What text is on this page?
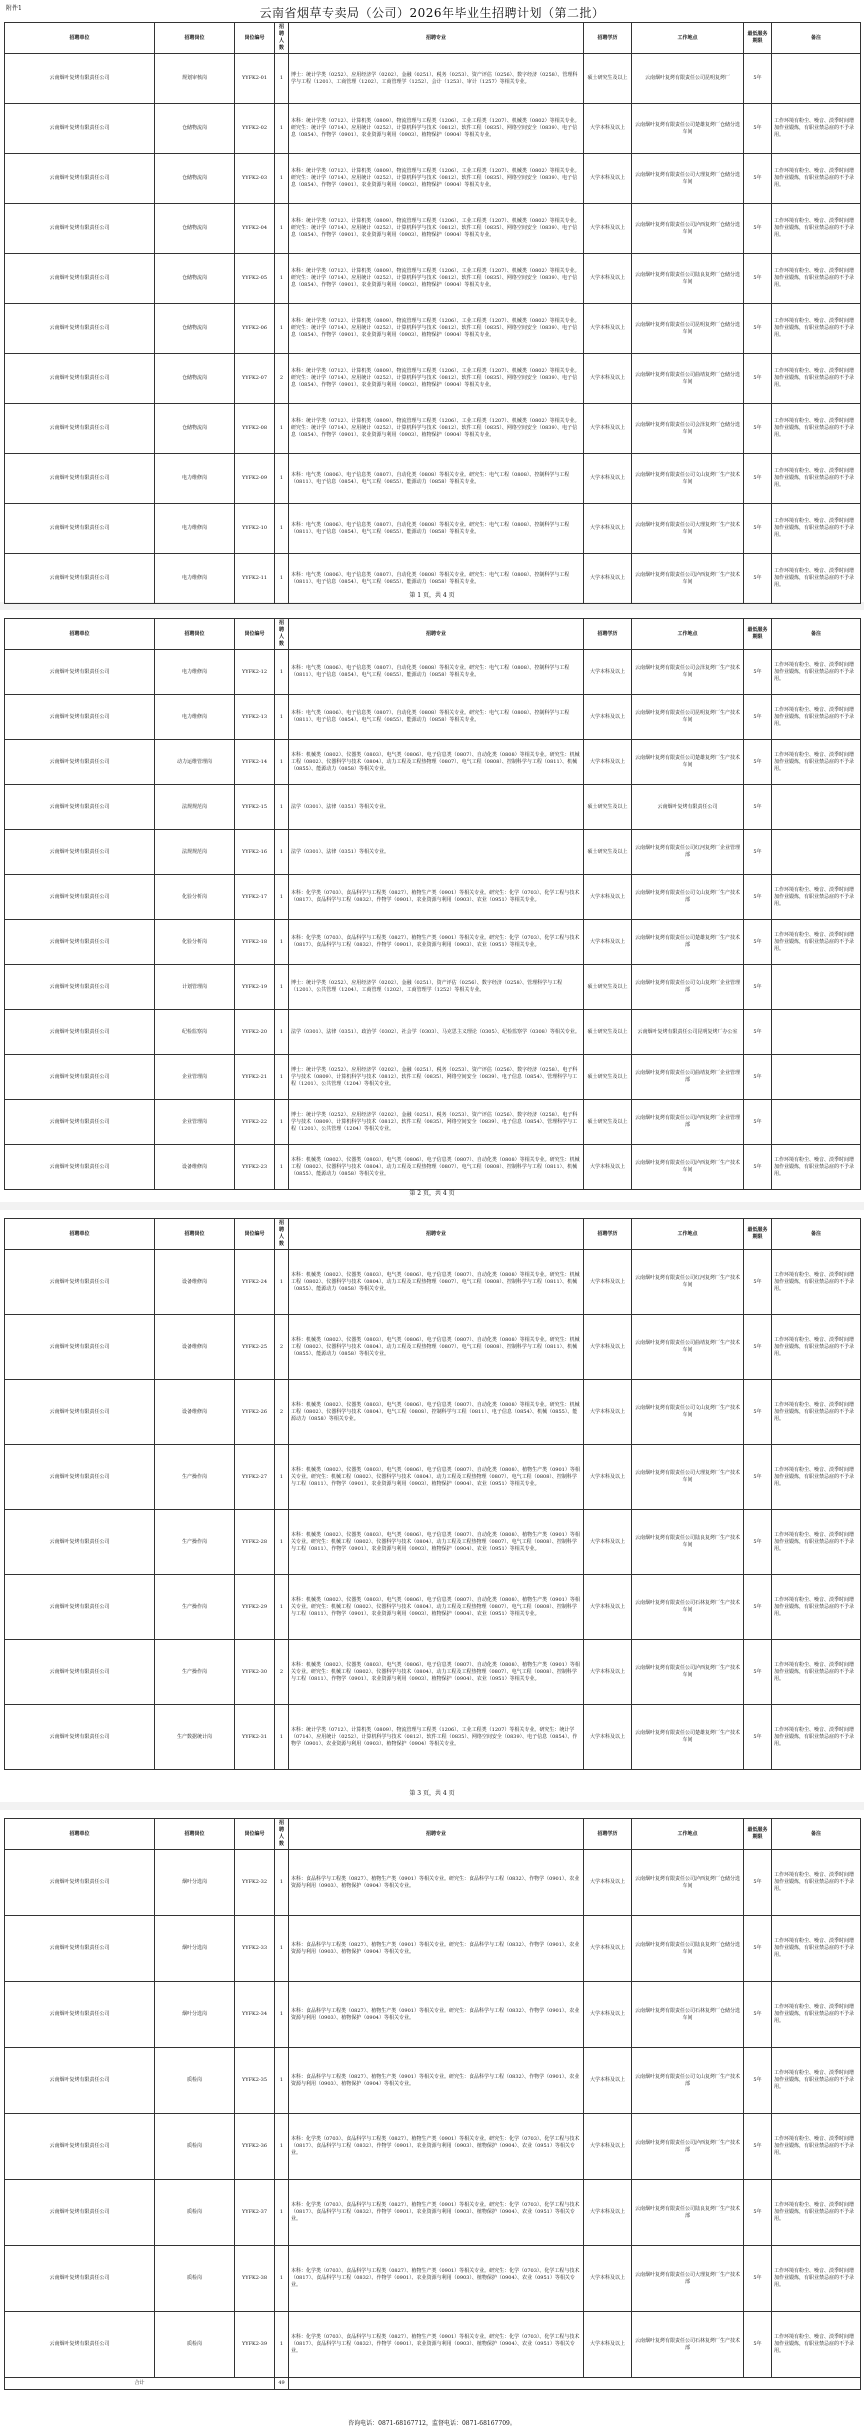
附件1	云南省烟草专卖局（公司）2026年毕业生招聘计划（第二批）
招聘单位	招聘岗位	岗位编号	招聘人数	招聘专业	招聘学历	工作地点	最低服务期限	备注
云南烟叶复烤有限责任公司	规划审核岗	YYFK2-01	1	博士：统计学类（0252）、应用经济学（0202）、金融（0251）、税务（0253）、资产评估（0256）、数字经济（0258）、管理科学与工程（1201）、工商管理（1202）、工商管理学（1252）、会计（1253）、审计（1257）等相关专业。	硕士研究生及以上	云南烟叶复烤有限责任公司昆明复烤厂	5年	
云南烟叶复烤有限责任公司	仓储物流岗	YYFK2-02	1	本科：统计学类（0712）、计算机类（0809）、物流管理与工程类（1206）、工业工程类（1207）、机械类（0802）等相关专业。研究生：统计学（0714）、应用统计（0252）、计算机科学与技术（0812）、软件工程（0835）、网络空间安全（0839）、电子信息（0854）、作物学（0901）、农业资源与利用（0903）、植物保护（0904）等相关专业。	大学本科及以上	云南烟叶复烤有限责任公司楚雄复烤厂仓储分选车间	5年	工作环境有粉尘、噪音、淡季时间增加作业锻炼，有职业禁忌症的不予录用。
云南烟叶复烤有限责任公司	仓储物流岗	YYFK2-03	1	本科：统计学类（0712）、计算机类（0809）、物流管理与工程类（1206）、工业工程类（1207）、机械类（0802）等相关专业。研究生：统计学（0714）、应用统计（0252）、计算机科学与技术（0812）、软件工程（0835）、网络空间安全（0839）、电子信息（0854）、作物学（0901）、农业资源与利用（0903）、植物保护（0904）等相关专业。	大学本科及以上	云南烟叶复烤有限责任公司大理复烤厂仓储分选车间	5年	工作环境有粉尘、噪音、淡季时间增加作业锻炼，有职业禁忌症的不予录用。
云南烟叶复烤有限责任公司	仓储物流岗	YYFK2-04	1	本科：统计学类（0712）、计算机类（0809）、物流管理与工程类（1206）、工业工程类（1207）、机械类（0802）等相关专业。研究生：统计学（0714）、应用统计（0252）、计算机科学与技术（0812）、软件工程（0835）、网络空间安全（0839）、电子信息（0854）、作物学（0901）、农业资源与利用（0903）、植物保护（0904）等相关专业。	大学本科及以上	云南烟叶复烤有限责任公司泸西复烤厂仓储分选车间	5年	工作环境有粉尘、噪音、淡季时间增加作业锻炼，有职业禁忌症的不予录用。
云南烟叶复烤有限责任公司	仓储物流岗	YYFK2-05	1	本科：统计学类（0712）、计算机类（0809）、物流管理与工程类（1206）、工业工程类（1207）、机械类（0802）等相关专业。研究生：统计学（0714）、应用统计（0252）、计算机科学与技术（0812）、软件工程（0835）、网络空间安全（0839）、电子信息（0854）、作物学（0901）、农业资源与利用（0903）、植物保护（0904）等相关专业。	大学本科及以上	云南烟叶复烤有限责任公司陆良复烤厂仓储分选车间	5年	工作环境有粉尘、噪音、淡季时间增加作业锻炼，有职业禁忌症的不予录用。
云南烟叶复烤有限责任公司	仓储物流岗	YYFK2-06	1	本科：统计学类（0712）、计算机类（0809）、物流管理与工程类（1206）、工业工程类（1207）、机械类（0802）等相关专业。研究生：统计学（0714）、应用统计（0252）、计算机科学与技术（0812）、软件工程（0835）、网络空间安全（0839）、电子信息（0854）、作物学（0901）、农业资源与利用（0903）、植物保护（0904）等相关专业。	大学本科及以上	云南烟叶复烤有限责任公司昆明复烤厂仓储分选车间	5年	工作环境有粉尘、噪音、淡季时间增加作业锻炼，有职业禁忌症的不予录用。
云南烟叶复烤有限责任公司	仓储物流岗	YYFK2-07	2	本科：统计学类（0712）、计算机类（0809）、物流管理与工程类（1206）、工业工程类（1207）、机械类（0802）等相关专业。研究生：统计学（0714）、应用统计（0252）、计算机科学与技术（0812）、软件工程（0835）、网络空间安全（0839）、电子信息（0854）、作物学（0901）、农业资源与利用（0903）、植物保护（0904）等相关专业。	大学本科及以上	云南烟叶复烤有限责任公司曲靖复烤厂仓储分选车间	5年	工作环境有粉尘、噪音、淡季时间增加作业锻炼，有职业禁忌症的不予录用。
云南烟叶复烤有限责任公司	仓储物流岗	YYFK2-08	1	本科：统计学类（0712）、计算机类（0809）、物流管理与工程类（1206）、工业工程类（1207）、机械类（0802）等相关专业。研究生：统计学（0714）、应用统计（0252）、计算机科学与技术（0812）、软件工程（0835）、网络空间安全（0839）、电子信息（0854）、作物学（0901）、农业资源与利用（0903）、植物保护（0904）等相关专业。	大学本科及以上	云南烟叶复烤有限责任公司会泽复烤厂仓储分选车间	5年	工作环境有粉尘、噪音、淡季时间增加作业锻炼，有职业禁忌症的不予录用。
云南烟叶复烤有限责任公司	电力维修岗	YYFK2-09	1	本科：电气类（0806）、电子信息类（0807）、自动化类（0808）等相关专业。研究生：电气工程（0808）、控制科学与工程（0811）、电子信息（0854）、电气工程（0855）、能源动力（0858）等相关专业。	大学本科及以上	云南烟叶复烤有限责任公司文山复烤厂生产技术车间	5年	工作环境有粉尘、噪音、淡季时间增加作业锻炼，有职业禁忌症的不予录用。
云南烟叶复烤有限责任公司	电力维修岗	YYFK2-10	1	本科：电气类（0806）、电子信息类（0807）、自动化类（0808）等相关专业。研究生：电气工程（0808）、控制科学与工程（0811）、电子信息（0854）、电气工程（0855）、能源动力（0858）等相关专业。	大学本科及以上	云南烟叶复烤有限责任公司大理复烤厂生产技术车间	5年	工作环境有粉尘、噪音、淡季时间增加作业锻炼，有职业禁忌症的不予录用。
云南烟叶复烤有限责任公司	电力维修岗	YYFK2-11	1	本科：电气类（0806）、电子信息类（0807）、自动化类（0808）等相关专业。研究生：电气工程（0808）、控制科学与工程（0811）、电子信息（0854）、电气工程（0855）、能源动力（0858）等相关专业。	大学本科及以上	云南烟叶复烤有限责任公司泸西复烤厂生产技术车间	5年	工作环境有粉尘、噪音、淡季时间增加作业锻炼，有职业禁忌症的不予录用。
第 1 页，共 4 页
招聘单位	招聘岗位	岗位编号	招聘人数	招聘专业	招聘学历	工作地点	最低服务期限	备注
云南烟叶复烤有限责任公司	电力维修岗	YYFK2-12	1	本科：电气类（0806）、电子信息类（0807）、自动化类（0808）等相关专业。研究生：电气工程（0808）、控制科学与工程（0811）、电子信息（0854）、电气工程（0855）、能源动力（0858）等相关专业。	大学本科及以上	云南烟叶复烤有限责任公司会泽复烤厂生产技术车间	5年	工作环境有粉尘、噪音、淡季时间增加作业锻炼，有职业禁忌症的不予录用。
云南烟叶复烤有限责任公司	电力维修岗	YYFK2-13	1	本科：电气类（0806）、电子信息类（0807）、自动化类（0808）等相关专业。研究生：电气工程（0808）、控制科学与工程（0811）、电子信息（0854）、电气工程（0855）、能源动力（0858）等相关专业。	大学本科及以上	云南烟叶复烤有限责任公司昆明复烤厂生产技术车间	5年	工作环境有粉尘、噪音、淡季时间增加作业锻炼，有职业禁忌症的不予录用。
云南烟叶复烤有限责任公司	动力运维管理岗	YYFK2-14	1	本科：机械类（0802）、仪器类（0803）、电气类（0806）、电子信息类（0807）、自动化类（0808）等相关专业。研究生：机械工程（0802）、仪器科学与技术（0804）、动力工程及工程热物理（0807）、电气工程（0808）、控制科学与工程（0811）、机械（0855）、能源动力（0858）等相关专业。	大学本科及以上	云南烟叶复烤有限责任公司楚雄复烤厂生产技术车间	5年	工作环境有粉尘、噪音、淡季时间增加作业锻炼，有职业禁忌症的不予录用。
云南烟叶复烤有限责任公司	法规规范岗	YYFK2-15	1	法学（0301）、法律（0351）等相关专业。	硕士研究生及以上	云南烟叶复烤有限责任公司	5年	
云南烟叶复烤有限责任公司	法规规范岗	YYFK2-16	1	法学（0301）、法律（0351）等相关专业。	硕士研究生及以上	云南烟叶复烤有限责任公司红河复烤厂企业管理部	5年	
云南烟叶复烤有限责任公司	化验分析岗	YYFK2-17	1	本科：化学类（0703）、食品科学与工程类（0827）、植物生产类（0901）等相关专业。研究生：化学（0703）、化学工程与技术（0817）、食品科学与工程（0832）、作物学（0901）、农业资源与利用（0903）、农业（0951）等相关专业。	大学本科及以上	云南烟叶复烤有限责任公司文山复烤厂生产技术部	5年	工作环境有粉尘、噪音、淡季时间增加作业锻炼，有职业禁忌症的不予录用。
云南烟叶复烤有限责任公司	化验分析岗	YYFK2-18	1	本科：化学类（0703）、食品科学与工程类（0827）、植物生产类（0901）等相关专业。研究生：化学（0703）、化学工程与技术（0817）、食品科学与工程（0832）、作物学（0901）、农业资源与利用（0903）、农业（0951）等相关专业。	大学本科及以上	云南烟叶复烤有限责任公司楚雄复烤厂生产技术部	5年	工作环境有粉尘、噪音、淡季时间增加作业锻炼，有职业禁忌症的不予录用。
云南烟叶复烤有限责任公司	计划管理岗	YYFK2-19	1	博士：统计学类（0252）、应用经济学（0202）、金融（0251）、资产评估（0256）、数字经济（0258）、管理科学与工程（1201）、公共管理（1204）、工商管理（1202）、工商管理学（1252）等相关专业。	硕士研究生及以上	云南烟叶复烤有限责任公司文山复烤厂企业管理部	5年	
云南烟叶复烤有限责任公司	纪检监察岗	YYFK2-20	1	法学（0301）、法律（0351）、政治学（0302）、社会学（0303）、马克思主义理论（0305）、纪检监察学（0308）等相关专业。	硕士研究生及以上	云南烟叶复烤有限责任公司昆明复烤厂办公室	5年	
云南烟叶复烤有限责任公司	企业管理岗	YYFK2-21	1	博士：统计学类（0252）、应用经济学（0202）、金融（0251）、税务（0253）、资产评估（0256）、数字经济（0258）、电子科学与技术（0809）、计算机科学与技术（0812）、软件工程（0835）、网络空间安全（0839）、电子信息（0854）、管理科学与工程（1201）、公共管理（1204）等相关专业。	硕士研究生及以上	云南烟叶复烤有限责任公司曲靖复烤厂企业管理部	5年	
云南烟叶复烤有限责任公司	企业管理岗	YYFK2-22	1	博士：统计学类（0252）、应用经济学（0202）、金融（0251）、税务（0253）、资产评估（0256）、数字经济（0258）、电子科学与技术（0809）、计算机科学与技术（0812）、软件工程（0835）、网络空间安全（0839）、电子信息（0854）、管理科学与工程（1201）、公共管理（1204）等相关专业。	硕士研究生及以上	云南烟叶复烤有限责任公司泸西复烤厂企业管理部	5年	
云南烟叶复烤有限责任公司	设备维修岗	YYFK2-23	1	本科：机械类（0802）、仪器类（0803）、电气类（0806）、电子信息类（0807）、自动化类（0808）等相关专业。研究生：机械工程（0802）、仪器科学与技术（0804）、动力工程及工程热物理（0807）、电气工程（0808）、控制科学与工程（0811）、机械（0855）、能源动力（0858）等相关专业。	大学本科及以上	云南烟叶复烤有限责任公司泸西复烤厂生产技术车间	5年	工作环境有粉尘、噪音、淡季时间增加作业锻炼，有职业禁忌症的不予录用。
第 2 页，共 4 页
招聘单位	招聘岗位	岗位编号	招聘人数	招聘专业	招聘学历	工作地点	最低服务期限	备注
云南烟叶复烤有限责任公司	设备维修岗	YYFK2-24	1	本科：机械类（0802）、仪器类（0803）、电气类（0806）、电子信息类（0807）、自动化类（0808）等相关专业。研究生：机械工程（0802）、仪器科学与技术（0804）、动力工程及工程热物理（0807）、电气工程（0808）、控制科学与工程（0811）、机械（0855）、能源动力（0858）等相关专业。	大学本科及以上	云南烟叶复烤有限责任公司红河复烤厂生产技术车间	5年	工作环境有粉尘、噪音、淡季时间增加作业锻炼，有职业禁忌症的不予录用。
云南烟叶复烤有限责任公司	设备维修岗	YYFK2-25	2	本科：机械类（0802）、仪器类（0803）、电气类（0806）、电子信息类（0807）、自动化类（0808）等相关专业。研究生：机械工程（0802）、仪器科学与技术（0804）、动力工程及工程热物理（0807）、电气工程（0808）、控制科学与工程（0811）、机械（0855）、能源动力（0858）等相关专业。	大学本科及以上	云南烟叶复烤有限责任公司曲靖复烤厂生产技术车间	5年	工作环境有粉尘、噪音、淡季时间增加作业锻炼，有职业禁忌症的不予录用。
云南烟叶复烤有限责任公司	设备维修岗	YYFK2-26	2	本科：机械类（0802）、仪器类（0803）、电气类（0806）、电子信息类（0807）、自动化类（0808）等相关专业。研究生：机械工程（0802）、仪器科学与技术（0804）、电气工程（0808）、控制科学与工程（0811）、电子信息（0854）、机械（0855）、能源动力（0858）等相关专业。	大学本科及以上	云南烟叶复烤有限责任公司文山复烤厂生产技术车间	5年	工作环境有粉尘、噪音、淡季时间增加作业锻炼，有职业禁忌症的不予录用。
云南烟叶复烤有限责任公司	生产操作岗	YYFK2-27	1	本科：机械类（0802）、仪器类（0803）、电气类（0806）、电子信息类（0807）、自动化类（0808）、植物生产类（0901）等相关专业。研究生：机械工程（0802）、仪器科学与技术（0804）、动力工程及工程热物理（0807）、电气工程（0808）、控制科学与工程（0811）、作物学（0901）、农业资源与利用（0903）、植物保护（0904）、农业（0951）等相关专业。	大学本科及以上	云南烟叶复烤有限责任公司大理复烤厂生产技术车间	5年	工作环境有粉尘、噪音、淡季时间增加作业锻炼，有职业禁忌症的不予录用。
云南烟叶复烤有限责任公司	生产操作岗	YYFK2-28	1	本科：机械类（0802）、仪器类（0803）、电气类（0806）、电子信息类（0807）、自动化类（0808）、植物生产类（0901）等相关专业。研究生：机械工程（0802）、仪器科学与技术（0804）、动力工程及工程热物理（0807）、电气工程（0808）、控制科学与工程（0811）、作物学（0901）、农业资源与利用（0903）、植物保护（0904）、农业（0951）等相关专业。	大学本科及以上	云南烟叶复烤有限责任公司陆良复烤厂生产技术车间	5年	工作环境有粉尘、噪音、淡季时间增加作业锻炼，有职业禁忌症的不予录用。
云南烟叶复烤有限责任公司	生产操作岗	YYFK2-29	1	本科：机械类（0802）、仪器类（0803）、电气类（0806）、电子信息类（0807）、自动化类（0808）、植物生产类（0901）等相关专业。研究生：机械工程（0802）、仪器科学与技术（0804）、动力工程及工程热物理（0807）、电气工程（0808）、控制科学与工程（0811）、作物学（0901）、农业资源与利用（0903）、植物保护（0904）、农业（0951）等相关专业。	大学本科及以上	云南烟叶复烤有限责任公司石林复烤厂生产技术车间	5年	工作环境有粉尘、噪音、淡季时间增加作业锻炼，有职业禁忌症的不予录用。
云南烟叶复烤有限责任公司	生产操作岗	YYFK2-30	2	本科：机械类（0802）、仪器类（0803）、电气类（0806）、电子信息类（0807）、自动化类（0808）、植物生产类（0901）等相关专业。研究生：机械工程（0802）、仪器科学与技术（0804）、动力工程及工程热物理（0807）、电气工程（0808）、控制科学与工程（0811）、作物学（0901）、农业资源与利用（0903）、植物保护（0904）、农业（0951）等相关专业。	大学本科及以上	云南烟叶复烤有限责任公司泸西复烤厂生产技术车间	5年	工作环境有粉尘、噪音、淡季时间增加作业锻炼，有职业禁忌症的不予录用。
云南烟叶复烤有限责任公司	生产数据统计岗	YYFK2-31	1	本科：统计学类（0712）、计算机类（0809）、物流管理与工程类（1206）、工业工程类（1207）等相关专业。研究生：统计学（0714）、应用统计（0252）、计算机科学与技术（0812）、软件工程（0835）、网络空间安全（0839）、电子信息（0854）、作物学（0901）、农业资源与利用（0903）、植物保护（0904）等相关专业。	大学本科及以上	云南烟叶复烤有限责任公司楚雄复烤厂生产技术车间	5年	工作环境有粉尘、噪音、淡季时间增加作业锻炼，有职业禁忌症的不予录用。
第 3 页，共 4 页
招聘单位	招聘岗位	岗位编号	招聘人数	招聘专业	招聘学历	工作地点	最低服务期限	备注
云南烟叶复烤有限责任公司	烟叶分选岗	YYFK2-32	1	本科：食品科学与工程类（0827）、植物生产类（0901）等相关专业。研究生：食品科学与工程（0832）、作物学（0901）、农业资源与利用（0903）、植物保护（0904）等相关专业。	大学本科及以上	云南烟叶复烤有限责任公司泸西复烤厂仓储分选车间	5年	工作环境有粉尘、噪音、淡季时间增加作业锻炼，有职业禁忌症的不予录用。
云南烟叶复烤有限责任公司	烟叶分选岗	YYFK2-33	1	本科：食品科学与工程类（0827）、植物生产类（0901）等相关专业。研究生：食品科学与工程（0832）、作物学（0901）、农业资源与利用（0903）、植物保护（0904）等相关专业。	大学本科及以上	云南烟叶复烤有限责任公司陆良复烤厂仓储分选车间	5年	工作环境有粉尘、噪音、淡季时间增加作业锻炼，有职业禁忌症的不予录用。
云南烟叶复烤有限责任公司	烟叶分选岗	YYFK2-34	1	本科：食品科学与工程类（0827）、植物生产类（0901）等相关专业。研究生：食品科学与工程（0832）、作物学（0901）、农业资源与利用（0903）、植物保护（0904）等相关专业。	大学本科及以上	云南烟叶复烤有限责任公司石林复烤厂仓储分选车间	5年	工作环境有粉尘、噪音、淡季时间增加作业锻炼，有职业禁忌症的不予录用。
云南烟叶复烤有限责任公司	质检岗	YYFK2-35	1	本科：食品科学与工程类（0827）、植物生产类（0901）等相关专业。研究生：食品科学与工程（0832）、作物学（0901）、农业资源与利用（0903）、植物保护（0904）等相关专业。	大学本科及以上	云南烟叶复烤有限责任公司文山复烤厂生产技术部	5年	工作环境有粉尘、噪音、淡季时间增加作业锻炼，有职业禁忌症的不予录用。
云南烟叶复烤有限责任公司	质检岗	YYFK2-36	1	本科：化学类（0703）、食品科学与工程类（0827）、植物生产类（0901）等相关专业。研究生：化学（0703）、化学工程与技术（0817）、食品科学与工程（0832）、作物学（0901）、农业资源与利用（0903）、植物保护（0904）、农业（0951）等相关专业。	大学本科及以上	云南烟叶复烤有限责任公司泸西复烤厂生产技术部	5年	工作环境有粉尘、噪音、淡季时间增加作业锻炼，有职业禁忌症的不予录用。
云南烟叶复烤有限责任公司	质检岗	YYFK2-37	1	本科：化学类（0703）、食品科学与工程类（0827）、植物生产类（0901）等相关专业。研究生：化学（0703）、化学工程与技术（0817）、食品科学与工程（0832）、作物学（0901）、农业资源与利用（0903）、植物保护（0904）、农业（0951）等相关专业。	大学本科及以上	云南烟叶复烤有限责任公司陆良复烤厂生产技术部	5年	工作环境有粉尘、噪音、淡季时间增加作业锻炼，有职业禁忌症的不予录用。
云南烟叶复烤有限责任公司	质检岗	YYFK2-38	1	本科：化学类（0703）、食品科学与工程类（0827）、植物生产类（0901）等相关专业。研究生：化学（0703）、化学工程与技术（0817）、食品科学与工程（0832）、作物学（0901）、农业资源与利用（0903）、植物保护（0904）、农业（0951）等相关专业。	大学本科及以上	云南烟叶复烤有限责任公司大理复烤厂生产技术部	5年	工作环境有粉尘、噪音、淡季时间增加作业锻炼，有职业禁忌症的不予录用。
云南烟叶复烤有限责任公司	质检岗	YYFK2-39	1	本科：化学类（0703）、食品科学与工程类（0827）、植物生产类（0901）等相关专业。研究生：化学（0703）、化学工程与技术（0817）、食品科学与工程（0832）、作物学（0901）、农业资源与利用（0903）、植物保护（0904）、农业（0951）等相关专业。	大学本科及以上	云南烟叶复烤有限责任公司石林复烤厂生产技术部	5年	工作环境有粉尘、噪音、淡季时间增加作业锻炼，有职业禁忌症的不予录用。
合计			49					
咨询电话：0871-68167712，监督电话：0871-68167709。
